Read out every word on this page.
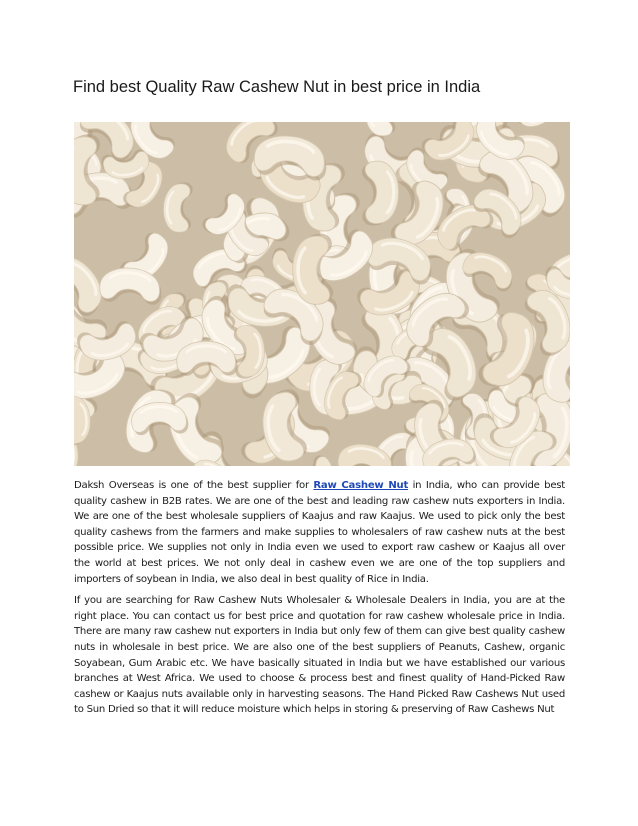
Find best Quality Raw Cashew Nut in best price in India

Daksh Overseas is one of the best supplier for Raw Cashew Nut in India, who can provide best quality cashew in B2B rates. We are one of the best and leading raw cashew nuts exporters in India. We are one of the best wholesale suppliers of Kaajus and raw Kaajus. We used to pick only the best quality cashews from the farmers and make supplies to wholesalers of raw cashew nuts at the best possible price. We supplies not only in India even we used to export raw cashew or Kaajus all over the world at best prices. We not only deal in cashew even we are one of the top suppliers and importers of soybean in India, we also deal in best quality of Rice in India.

If you are searching for Raw Cashew Nuts Wholesaler & Wholesale Dealers in India, you are at the right place. You can contact us for best price and quotation for raw cashew wholesale price in India. There are many raw cashew nut exporters in India but only few of them can give best quality cashew nuts in wholesale in best price. We are also one of the best suppliers of Peanuts, Cashew, organic Soyabean, Gum Arabic etc. We have basically situated in India but we have established our various branches at West Africa. We used to choose & process best and finest quality of Hand-Picked Raw cashew or Kaajus nuts available only in harvesting seasons. The Hand Picked Raw Cashews Nut used to Sun Dried so that it will reduce moisture which helps in storing & preserving of Raw Cashews Nut
